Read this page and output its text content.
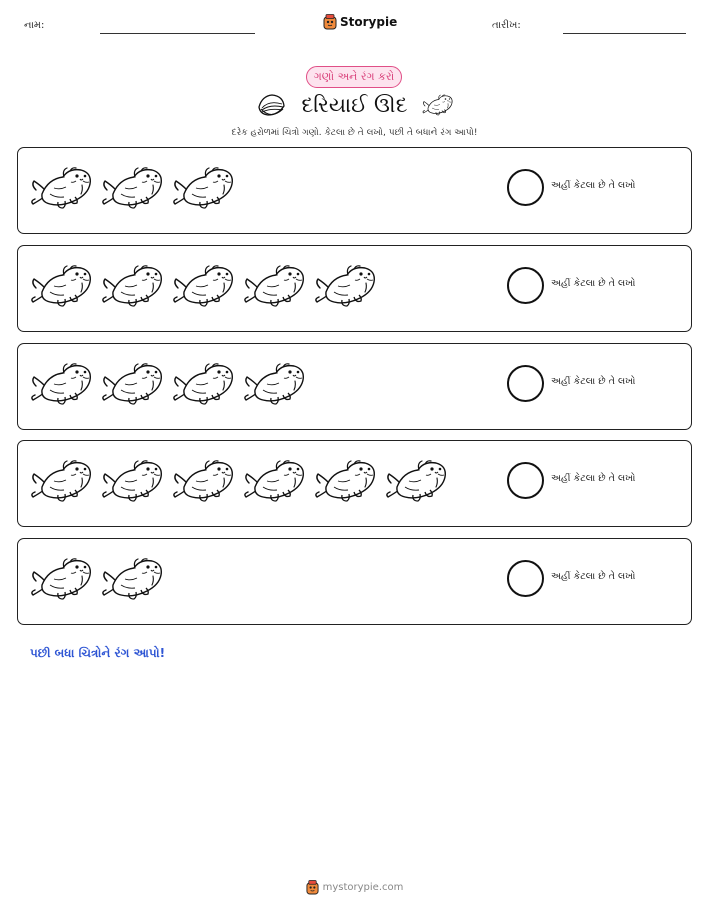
નામ:	Storypie	તારીખ:
ગણો અને રંગ કરો
દરિયાઈ ઊદ
દરેક હરોળમાં ચિત્રો ગણો. કેટલા છે તે લખો, પછી તે બધાને રંગ આપો!
અહીં કેટલા છે તે લખો
અહીં કેટલા છે તે લખો
અહીં કેટલા છે તે લખો
અહીં કેટલા છે તે લખો
અહીં કેટલા છે તે લખો
પછી બધા ચિત્રોને રંગ આપો!
mystorypie.com
